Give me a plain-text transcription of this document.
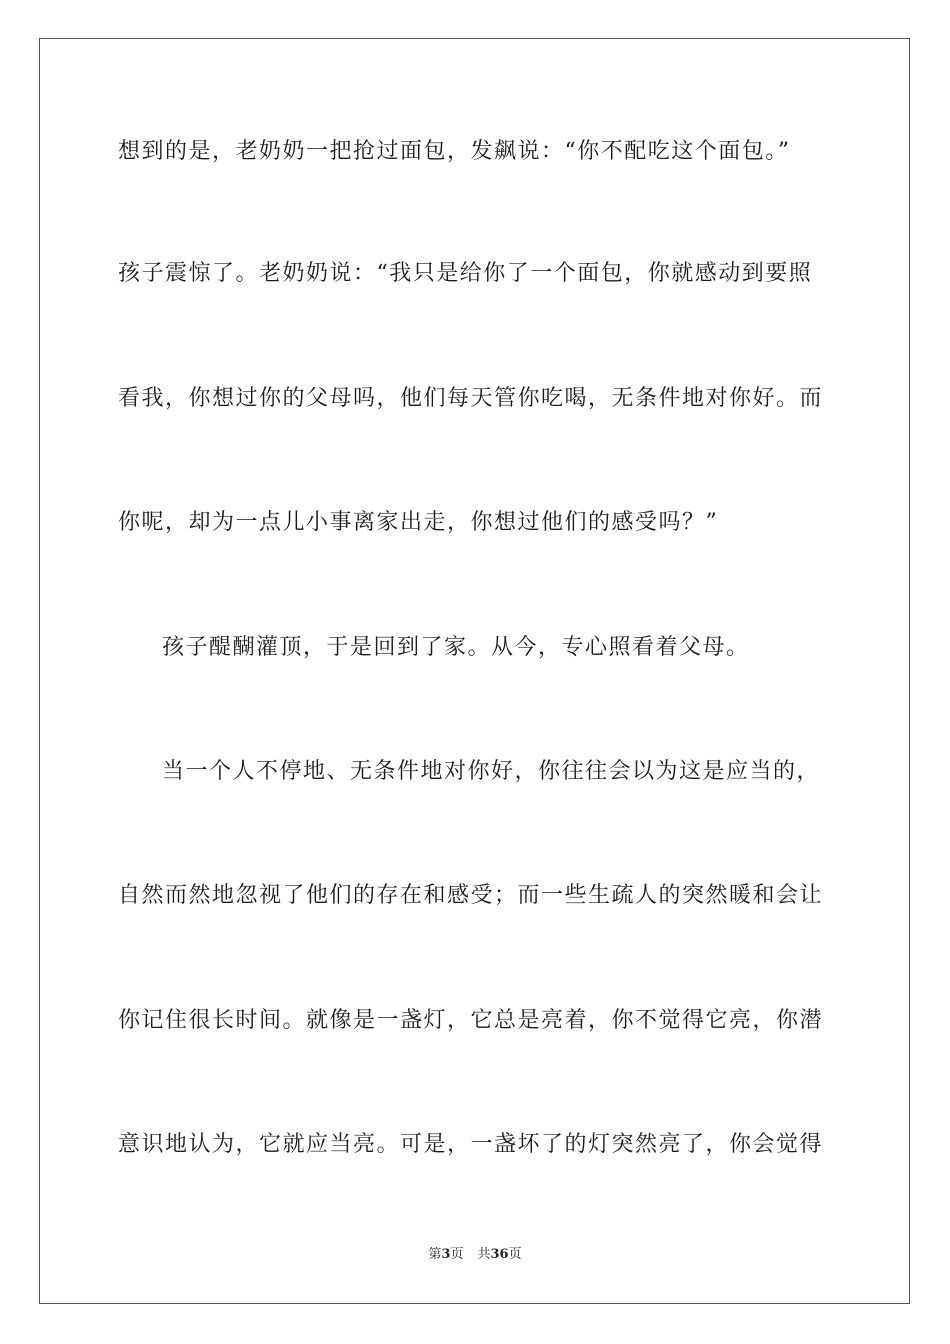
想到的是，老奶奶一把抢过面包，发飙说：“你不配吃这个面包。”
孩子震惊了。老奶奶说：“我只是给你了一个面包，你就感动到要照
看我，你想过你的父母吗，他们每天管你吃喝，无条件地对你好。而
你呢，却为一点儿小事离家出走，你想过他们的感受吗？”
孩子醍醐灌顶，于是回到了家。从今，专心照看着父母。
当一个人不停地、无条件地对你好，你往往会以为这是应当的，
自然而然地忽视了他们的存在和感受；而一些生疏人的突然暖和会让
你记住很长时间。就像是一盏灯，它总是亮着，你不觉得它亮，你潜
意识地认为，它就应当亮。可是，一盏坏了的灯突然亮了，你会觉得
第3页 共36页
